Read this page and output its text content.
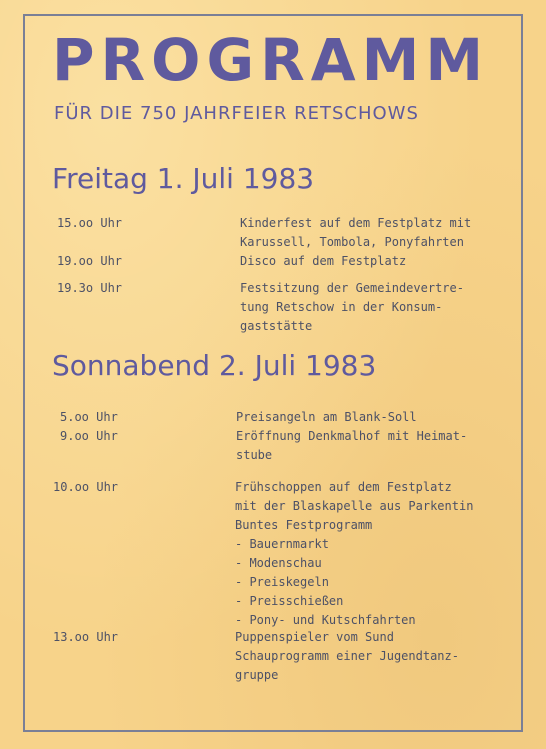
PROGRAMM
FÜR DIE 750 JAHRFEIER RETSCHOWS
Freitag 1. Juli 1983
15.oo Uhr	Kinderfest auf dem Festplatz mit
Karussell, Tombola, Ponyfahrten
19.oo Uhr	Disco auf dem Festplatz
19.3o Uhr	Festsitzung der Gemeindevertre-
tung Retschow in der Konsum-
gaststätte
Sonnabend 2. Juli 1983
5.oo Uhr	Preisangeln am Blank-Soll
9.oo Uhr	Eröffnung Denkmalhof mit Heimat-
stube
10.oo Uhr	Frühschoppen auf dem Festplatz
mit der Blaskapelle aus Parkentin
Buntes Festprogramm
- Bauernmarkt
- Modenschau
- Preiskegeln
- Preisschießen
- Pony- und Kutschfahrten
13.oo Uhr	Puppenspieler vom Sund
Schauprogramm einer Jugendtanz-
gruppe
